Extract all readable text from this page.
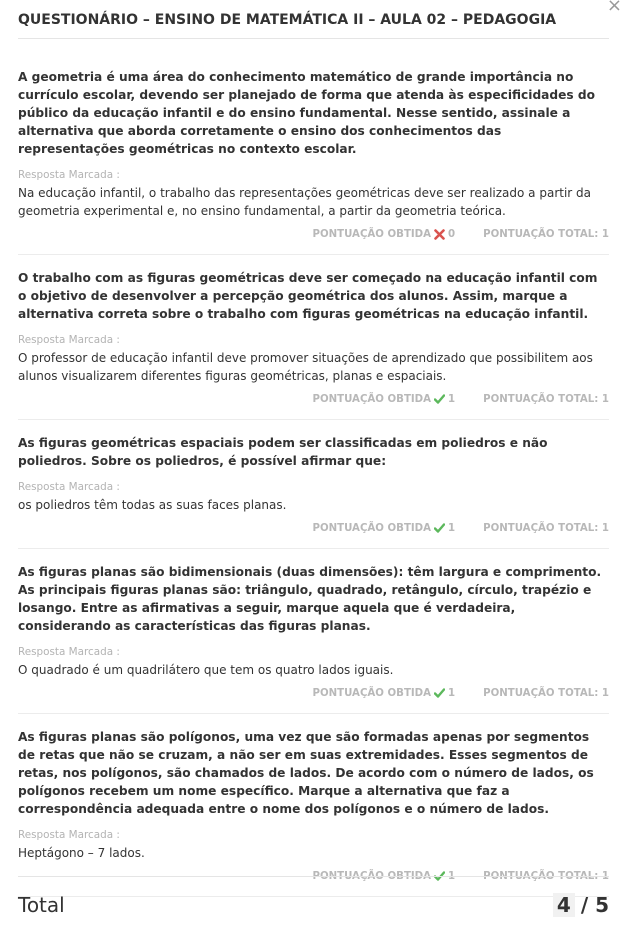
×
QUESTIONÁRIO – ENSINO DE MATEMÁTICA II – AULA 02 – PEDAGOGIA
A geometria é uma área do conhecimento matemático de grande importância no currículo escolar, devendo ser planejado de forma que atenda às especificidades do público da educação infantil e do ensino fundamental. Nesse sentido, assinale a alternativa que aborda corretamente o ensino dos conhecimentos das representações geométricas no contexto escolar.
Resposta Marcada :
Na educação infantil, o trabalho das representações geométricas deve ser realizado a partir da geometria experimental e, no ensino fundamental, a partir da geometria teórica.
PONTUAÇÃO OBTIDA 0	PONTUAÇÃO TOTAL: 1
O trabalho com as figuras geométricas deve ser começado na educação infantil com o objetivo de desenvolver a percepção geométrica dos alunos. Assim, marque a alternativa correta sobre o trabalho com figuras geométricas na educação infantil.
Resposta Marcada :
O professor de educação infantil deve promover situações de aprendizado que possibilitem aos alunos visualizarem diferentes figuras geométricas, planas e espaciais.
PONTUAÇÃO OBTIDA 1	PONTUAÇÃO TOTAL: 1
As figuras geométricas espaciais podem ser classificadas em poliedros e não poliedros. Sobre os poliedros, é possível afirmar que:
Resposta Marcada :
os poliedros têm todas as suas faces planas.
PONTUAÇÃO OBTIDA 1	PONTUAÇÃO TOTAL: 1
As figuras planas são bidimensionais (duas dimensões): têm largura e comprimento. As principais figuras planas são: triângulo, quadrado, retângulo, círculo, trapézio e losango. Entre as afirmativas a seguir, marque aquela que é verdadeira, considerando as características das figuras planas.
Resposta Marcada :
O quadrado é um quadrilátero que tem os quatro lados iguais.
PONTUAÇÃO OBTIDA 1	PONTUAÇÃO TOTAL: 1
As figuras planas são polígonos, uma vez que são formadas apenas por segmentos de retas que não se cruzam, a não ser em suas extremidades. Esses segmentos de retas, nos polígonos, são chamados de lados. De acordo com o número de lados, os polígonos recebem um nome específico. Marque a alternativa que faz a correspondência adequada entre o nome dos polígonos e o número de lados.
Resposta Marcada :
Heptágono – 7 lados.
PONTUAÇÃO OBTIDA 1	PONTUAÇÃO TOTAL: 1
Total	4 / 5
